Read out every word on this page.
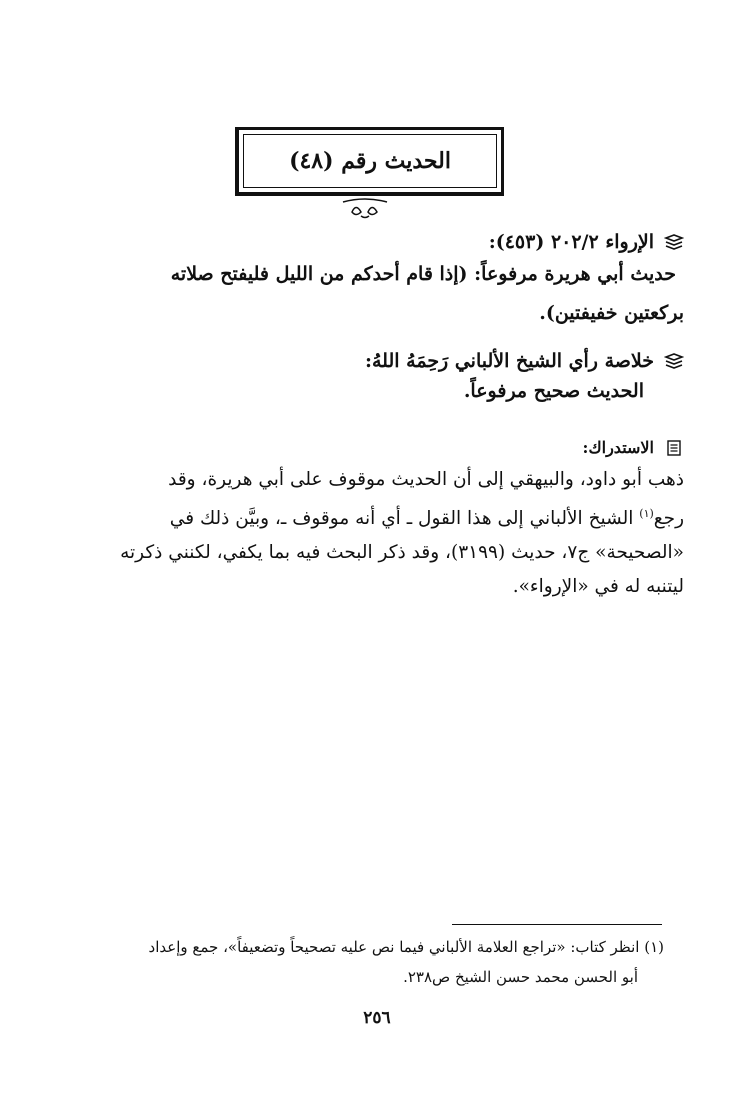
الحديث رقم (٤٨)
الإرواء ٢٠٢/٢ (٤٥٣):
حديث أبي هريرة مرفوعاً: (إذا قام أحدكم من الليل فليفتح صلاته
بركعتين خفيفتين).
خلاصة رأي الشيخ الألباني رَحِمَهُ اللهُ:
الحديث صحيح مرفوعاً.
الاستدراك:
ذهب أبو داود، والبيهقي إلى أن الحديث موقوف على أبي هريرة، وقد
رجع$^{(١)}$ الشيخ الألباني إلى هذا القول ـ أي أنه موقوف ـ، وبيَّن ذلك في
«الصحيحة» ج٧، حديث (٣١٩٩)، وقد ذكر البحث فيه بما يكفي، لكنني ذكرته
ليتنبه له في «الإرواء».
(١) انظر كتاب: «تراجع العلامة الألباني فيما نص عليه تصحيحاً وتضعيفاً»، جمع وإعداد
أبو الحسن محمد حسن الشيخ ص٢٣٨.
٢٥٦
